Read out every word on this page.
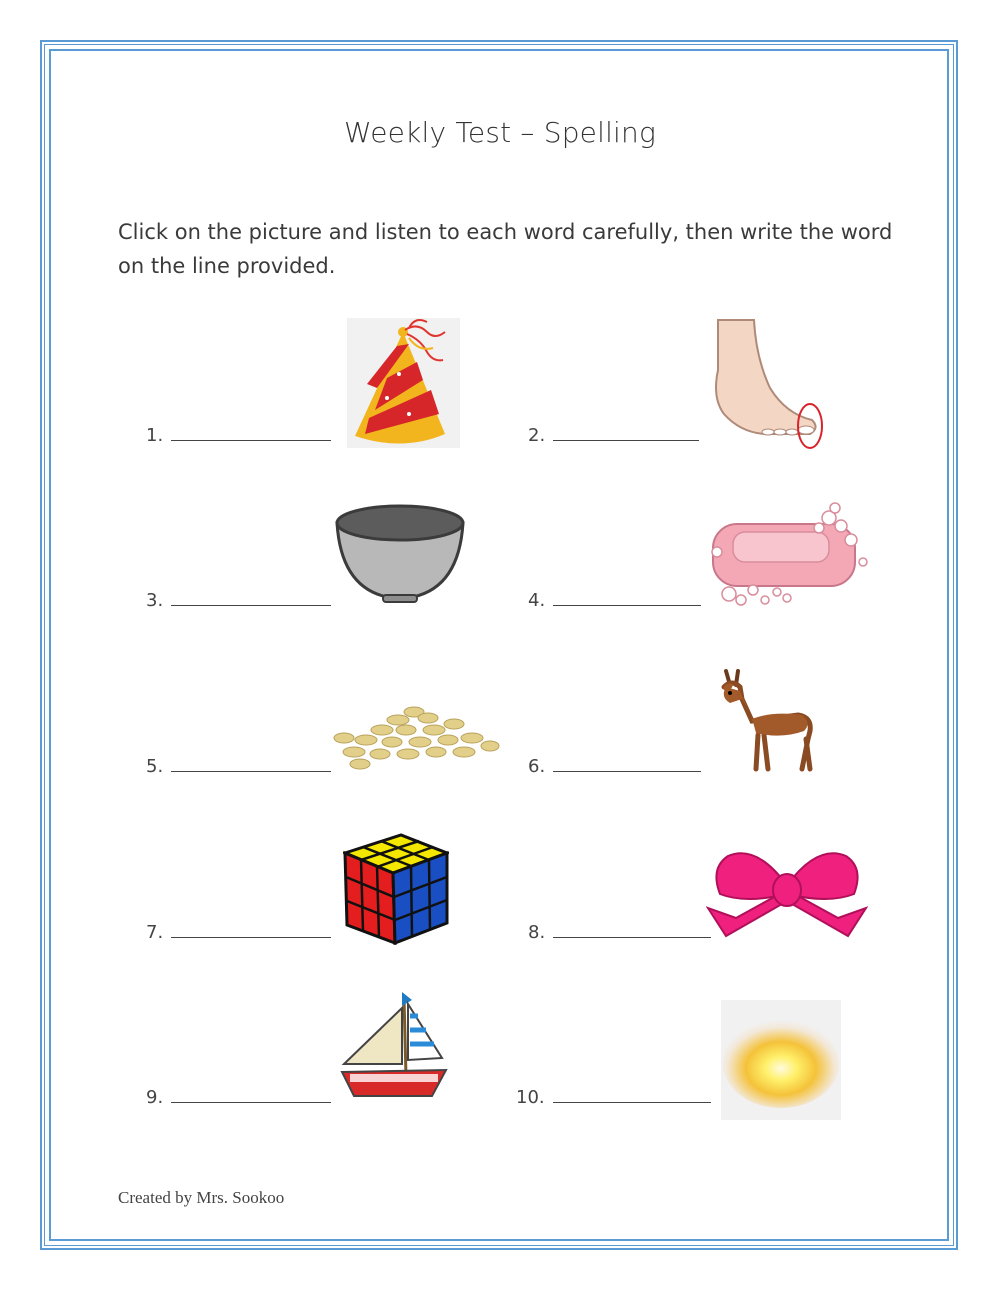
Weekly Test – Spelling
Click on the picture and listen to each word carefully, then write the word on the line provided.
1.	2.
3.	4.
5.	6.
7.	8.
9.	10.
Created by Mrs. Sookoo
